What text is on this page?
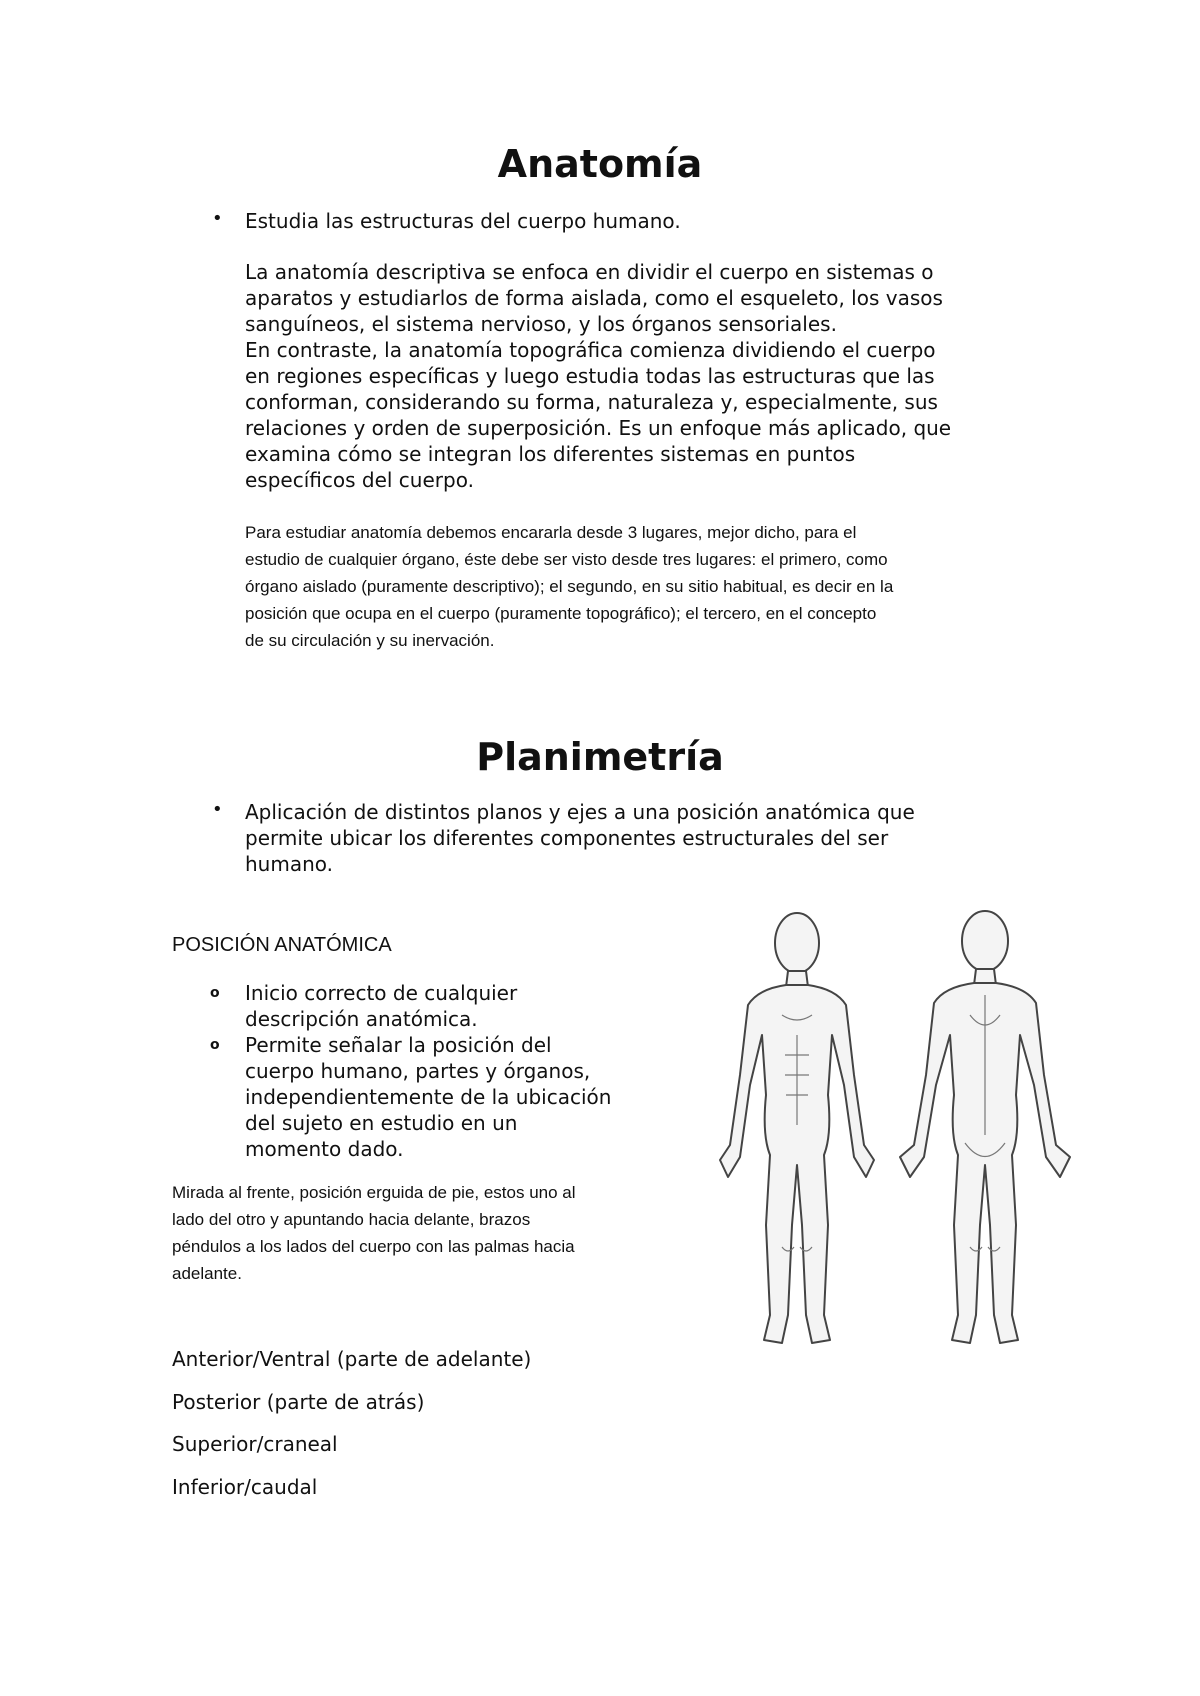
Anatomía
• Estudia las estructuras del cuerpo humano.

La anatomía descriptiva se enfoca en dividir el cuerpo en sistemas o

aparatos y estudiarlos de forma aislada, como el esqueleto, los vasos

sanguíneos, el sistema nervioso, y los órganos sensoriales.

En contraste, la anatomía topográfica comienza dividiendo el cuerpo

en regiones específicas y luego estudia todas las estructuras que las

conforman, considerando su forma, naturaleza y, especialmente, sus

relaciones y orden de superposición. Es un enfoque más aplicado, que

examina cómo se integran los diferentes sistemas en puntos

específicos del cuerpo.

Para estudiar anatomía debemos encararla desde 3 lugares, mejor dicho, para el

estudio de cualquier órgano, éste debe ser visto desde tres lugares: el primero, como

órgano aislado (puramente descriptivo); el segundo, en su sitio habitual, es decir en la

posición que ocupa en el cuerpo (puramente topográfico); el tercero, en el concepto

de su circulación y su inervación.

Planimetría
• Aplicación de distintos planos y ejes a una posición anatómica que

permite ubicar los diferentes componentes estructurales del ser

humano.

POSICIÓN ANATÓMICA
o Inicio correcto de cualquier

descripción anatómica.

o Permite señalar la posición del

cuerpo humano, partes y órganos,

independientemente de la ubicación

del sujeto en estudio en un

momento dado.

Mirada al frente, posición erguida de pie, estos uno al

lado del otro y apuntando hacia delante, brazos

péndulos a los lados del cuerpo con las palmas hacia

adelante.

Anterior/Ventral (parte de adelante)
Posterior (parte de atrás)
Superior/craneal
Inferior/caudal
